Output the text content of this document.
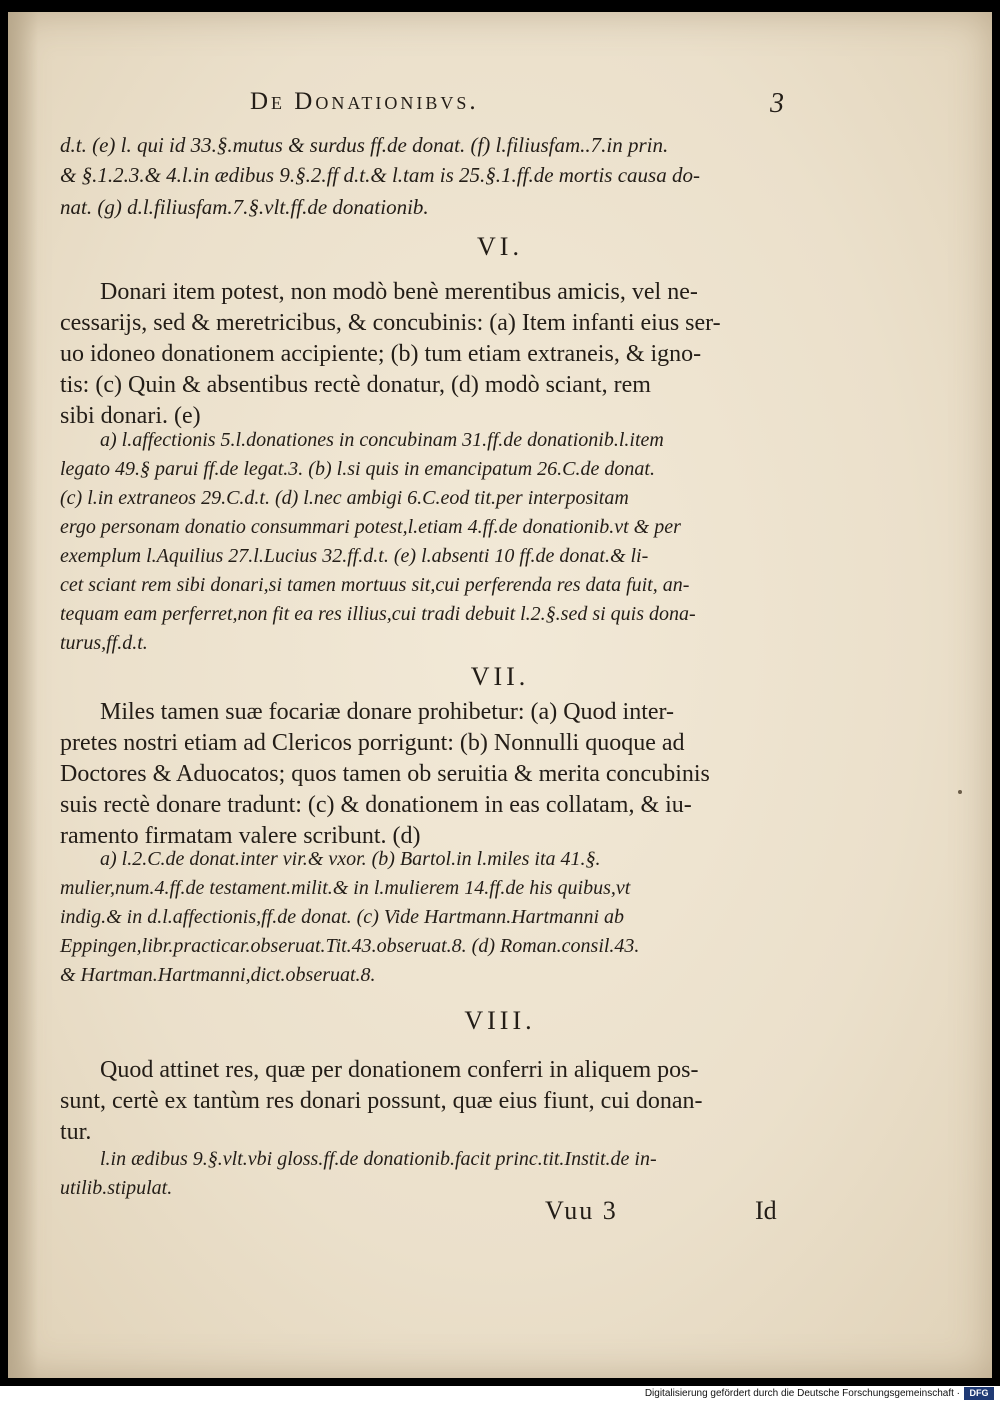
De Donationibvs.	3
d.t. (e) l. qui id 33.§.mutus & surdus ff.de donat. (f) l.filiusfam..7.in prin.
& §.1.2.3.& 4.l.in ædibus 9.§.2.ff d.t.& l.tam is 25.§.1.ff.de mortis causa do-
nat. (g) d.l.filiusfam.7.§.vlt.ff.de donationib.
VI.
Donari item potest, non modò benè merentibus amicis, vel ne-
cessarijs, sed & meretricibus, & concubinis: (a) Item infanti eius ser-
uo idoneo donationem accipiente; (b) tum etiam extraneis, & igno-
tis: (c) Quin & absentibus rectè donatur, (d) modò sciant, rem
sibi donari. (e)
a) l.affectionis 5.l.donationes in concubinam 31.ff.de donationib.l.item
legato 49.§ parui ff.de legat.3. (b) l.si quis in emancipatum 26.C.de donat.
(c) l.in extraneos 29.C.d.t. (d) l.nec ambigi 6.C.eod tit.per interpositam
ergo personam donatio consummari potest,l.etiam 4.ff.de donationib.vt & per
exemplum l.Aquilius 27.l.Lucius 32.ff.d.t. (e) l.absenti 10 ff.de donat.& li-
cet sciant rem sibi donari,si tamen mortuus sit,cui perferenda res data fuit, an-
tequam eam perferret,non fit ea res illius,cui tradi debuit l.2.§.sed si quis dona-
turus,ff.d.t.
VII.
Miles tamen suæ focariæ donare prohibetur: (a) Quod inter-
pretes nostri etiam ad Clericos porrigunt: (b) Nonnulli quoque ad
Doctores & Aduocatos; quos tamen ob seruitia & merita concubinis
suis rectè donare tradunt: (c) & donationem in eas collatam, & iu-
ramento firmatam valere scribunt. (d)
a) l.2.C.de donat.inter vir.& vxor. (b) Bartol.in l.miles ita 41.§.
mulier,num.4.ff.de testament.milit.& in l.mulierem 14.ff.de his quibus,vt
indig.& in d.l.affectionis,ff.de donat. (c) Vide Hartmann.Hartmanni ab
Eppingen,libr.practicar.obseruat.Tit.43.obseruat.8. (d) Roman.consil.43.
& Hartman.Hartmanni,dict.obseruat.8.
VIII.
Quod attinet res, quæ per donationem conferri in aliquem pos-
sunt, certè ex tantùm res donari possunt, quæ eius fiunt, cui donan-
tur.
l.in ædibus 9.§.vlt.vbi gloss.ff.de donationib.facit princ.tit.Instit.de in-
utilib.stipulat.
Vuu 3	Id
Digitalisierung gefördert durch die Deutsche Forschungsgemeinschaft ·	DFG
